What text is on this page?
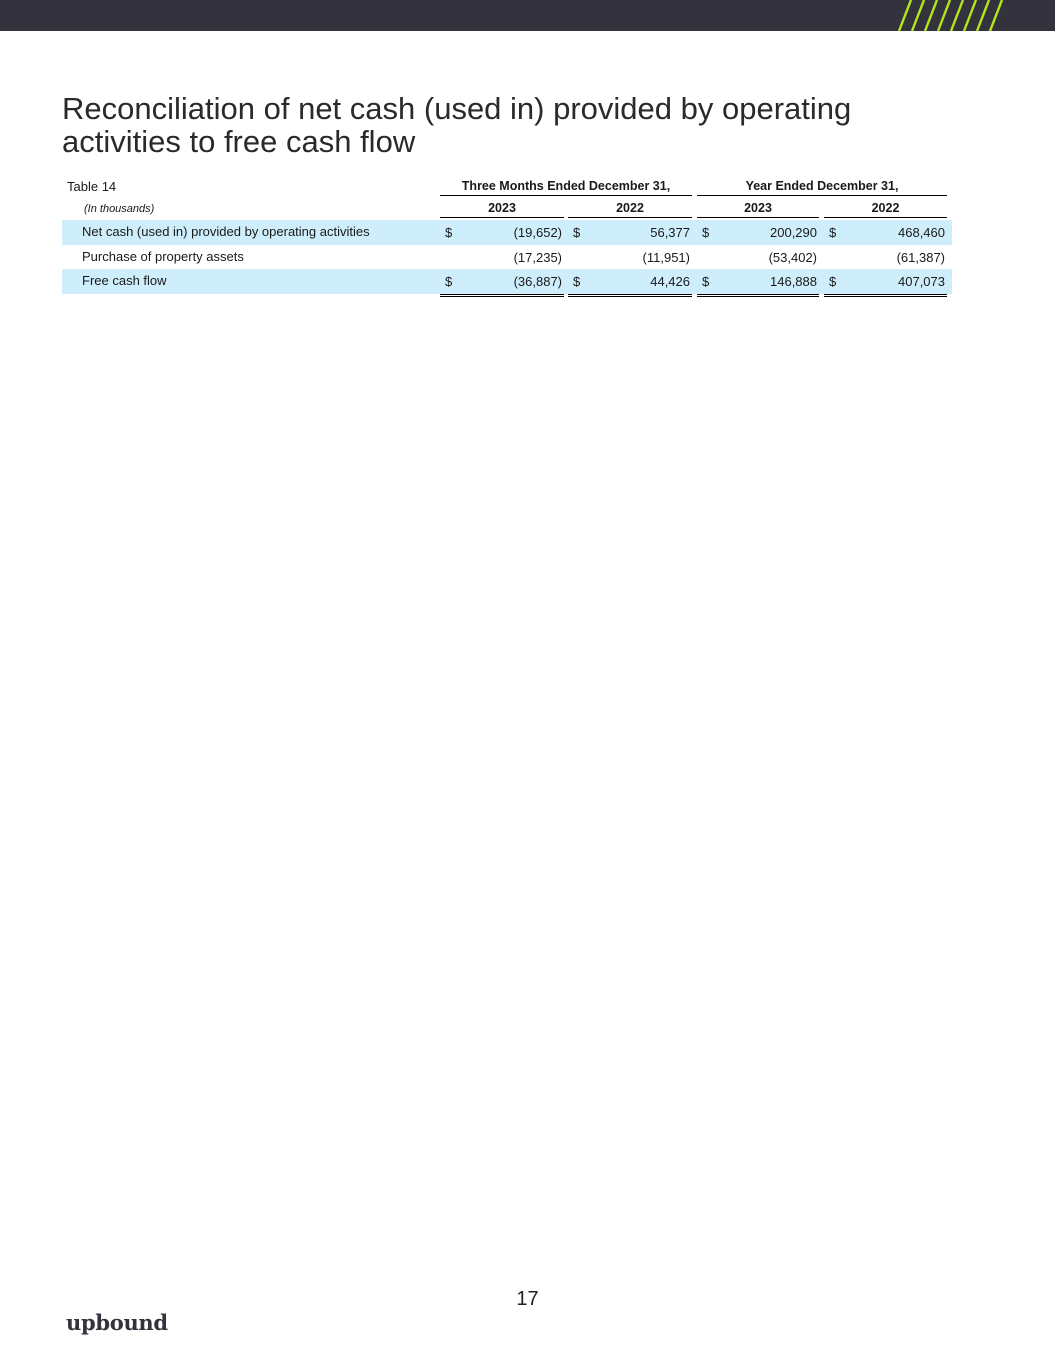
Reconciliation of net cash (used in) provided by operating activities to free cash flow
Table 14
(In thousands)
Three Months Ended December 31,	Year Ended December 31,
2023	2022	2023	2022
Net cash (used in) provided by operating activities	$	(19,652) $	56,377 $	200,290 $	468,460
Purchase of property assets	(17,235)	(11,951)	(53,402)	(61,387)
Free cash flow	$	(36,887) $	44,426 $	146,888 $	407,073
17
upbound
